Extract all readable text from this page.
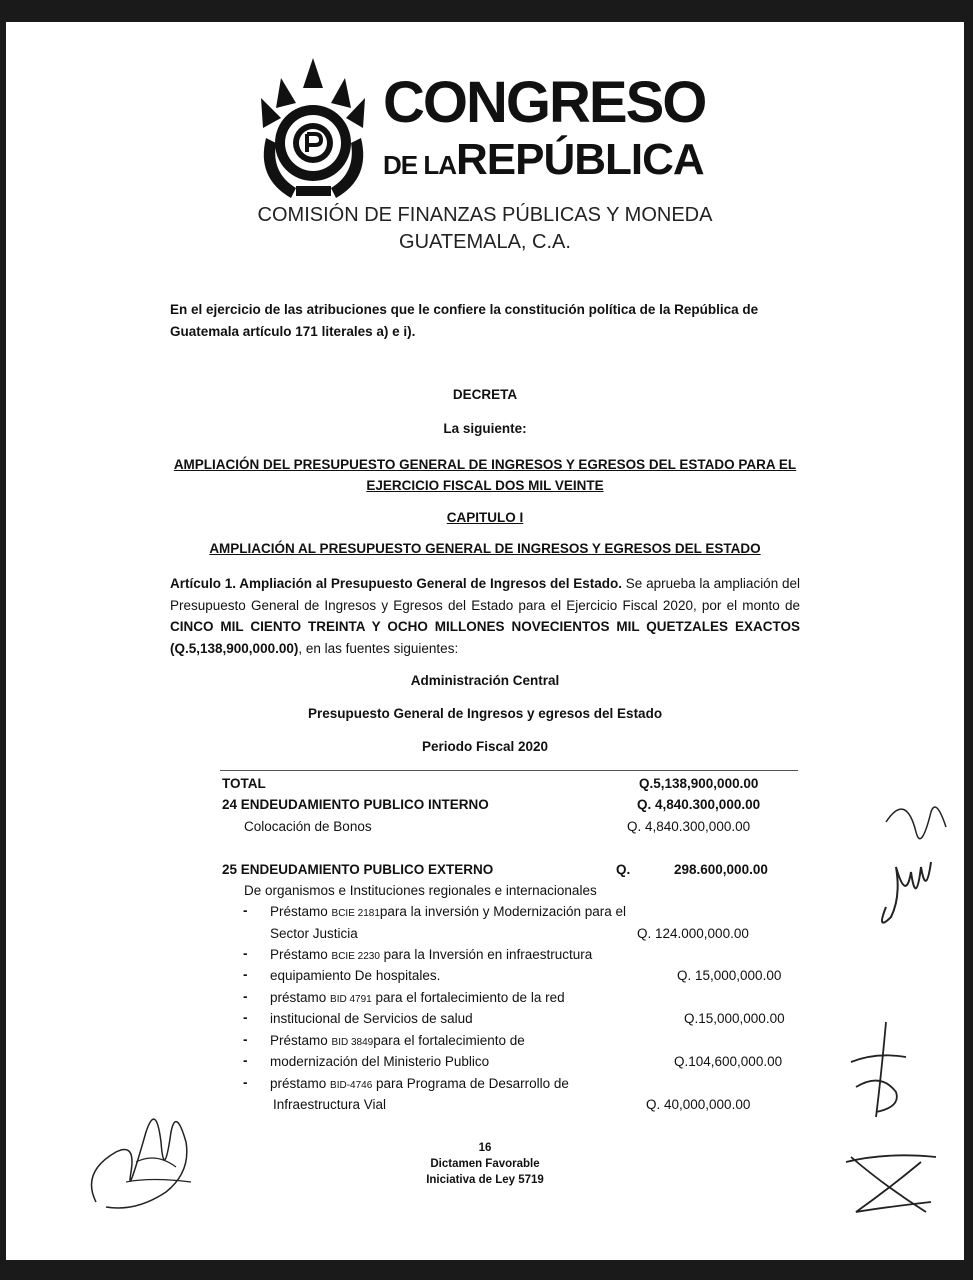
CONGRESO
DE LAREPÚBLICA
COMISIÓN DE FINANZAS PÚBLICAS Y MONEDA
GUATEMALA, C.A.
En el ejercicio de las atribuciones que le confiere la constitución política de la República de Guatemala artículo 171 literales a) e i).
DECRETA
La siguiente:
AMPLIACIÓN DEL PRESUPUESTO GENERAL DE INGRESOS Y EGRESOS DEL ESTADO PARA EL
EJERCICIO FISCAL DOS MIL VEINTE
CAPITULO I
AMPLIACIÓN AL PRESUPUESTO GENERAL DE INGRESOS Y EGRESOS DEL ESTADO
Artículo 1. Ampliación al Presupuesto General de Ingresos del Estado. Se aprueba la ampliación del Presupuesto General de Ingresos y Egresos del Estado para el Ejercicio Fiscal 2020, por el monto de CINCO MIL CIENTO TREINTA Y OCHO MILLONES NOVECIENTOS MIL QUETZALES EXACTOS (Q.5,138,900,000.00), en las fuentes siguientes:
Administración Central
Presupuesto General de Ingresos y egresos del Estado
Periodo Fiscal 2020
TOTAL	Q.5,138,900,000.00
24 ENDEUDAMIENTO PUBLICO INTERNO	Q. 4,840.300,000.00
Colocación de Bonos	Q. 4,840.300,000.00
25 ENDEUDAMIENTO PUBLICO EXTERNO	Q.	298.600,000.00
De organismos e Instituciones regionales e internacionales
- Préstamo BCIE 2181para la inversión y Modernización para el
Sector Justicia	Q. 124.000,000.00
- Préstamo BCIE 2230 para la Inversión en infraestructura
- equipamiento De hospitales.	Q. 15,000,000.00
- préstamo BID 4791 para el fortalecimiento de la red
- institucional de Servicios de salud	Q.15,000,000.00
- Préstamo BID 3849para el fortalecimiento de
- modernización del Ministerio Publico	Q.104,600,000.00
- préstamo BID-4746 para Programa de Desarrollo de
Infraestructura Vial	Q. 40,000,000.00
16
Dictamen Favorable
Iniciativa de Ley 5719
